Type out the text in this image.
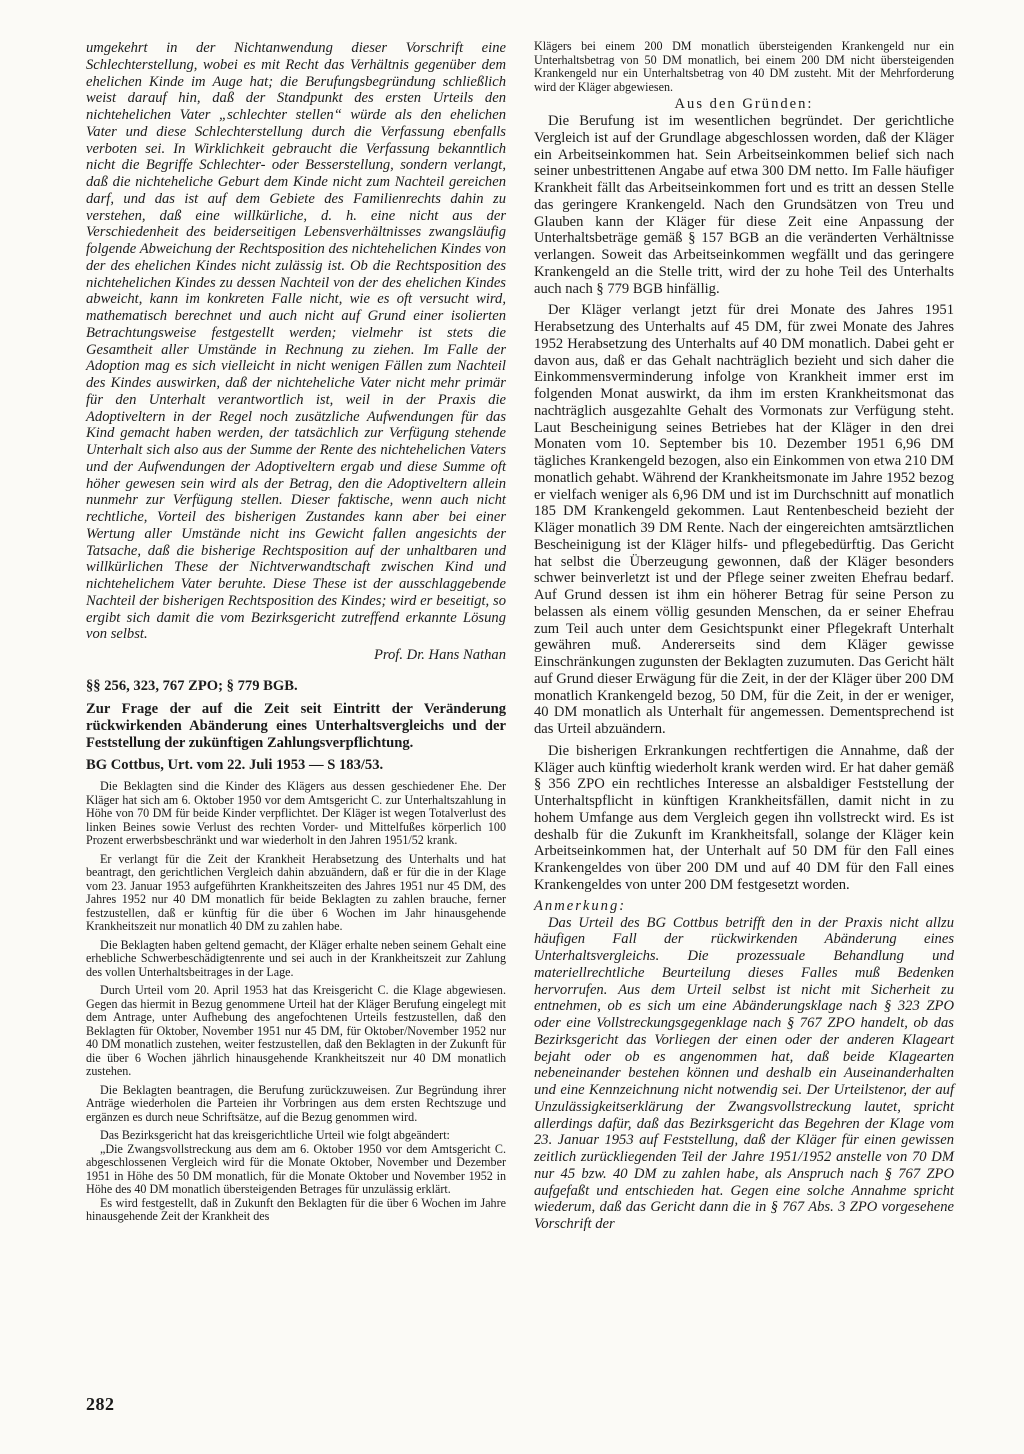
umgekehrt in der Nichtanwendung dieser Vorschrift eine Schlechterstellung, wobei es mit Recht das Verhältnis gegenüber dem ehelichen Kinde im Auge hat; die Berufungsbegründung schließlich weist darauf hin, daß der Standpunkt des ersten Urteils den nichtehelichen Vater „schlechter stellen“ würde als den ehelichen Vater und diese Schlechterstellung durch die Verfassung ebenfalls verboten sei. In Wirklichkeit gebraucht die Verfassung bekanntlich nicht die Begriffe Schlechter- oder Besserstellung, sondern verlangt, daß die nichteheliche Geburt dem Kinde nicht zum Nachteil gereichen darf, und das ist auf dem Gebiete des Familienrechts dahin zu verstehen, daß eine willkürliche, d. h. eine nicht aus der Verschiedenheit des beiderseitigen Lebensverhältnisses zwangsläufig folgende Abweichung der Rechtsposition des nichtehelichen Kindes von der des ehelichen Kindes nicht zulässig ist. Ob die Rechtsposition des nichtehelichen Kindes zu dessen Nachteil von der des ehelichen Kindes abweicht, kann im konkreten Falle nicht, wie es oft versucht wird, mathematisch berechnet und auch nicht auf Grund einer isolierten Betrachtungsweise festgestellt werden; vielmehr ist stets die Gesamtheit aller Umstände in Rechnung zu ziehen. Im Falle der Adoption mag es sich vielleicht in nicht wenigen Fällen zum Nachteil des Kindes auswirken, daß der nichteheliche Vater nicht mehr primär für den Unterhalt verantwortlich ist, weil in der Praxis die Adoptiveltern in der Regel noch zusätzliche Aufwendungen für das Kind gemacht haben werden, der tatsächlich zur Verfügung stehende Unterhalt sich also aus der Summe der Rente des nichtehelichen Vaters und der Aufwendungen der Adoptiveltern ergab und diese Summe oft höher gewesen sein wird als der Betrag, den die Adoptiveltern allein nunmehr zur Verfügung stellen. Dieser faktische, wenn auch nicht rechtliche, Vorteil des bisherigen Zustandes kann aber bei einer Wertung aller Umstände nicht ins Gewicht fallen angesichts der Tatsache, daß die bisherige Rechtsposition auf der unhaltbaren und willkürlichen These der Nichtverwandtschaft zwischen Kind und nichtehelichem Vater beruhte. Diese These ist der ausschlaggebende Nachteil der bisherigen Rechtsposition des Kindes; wird er beseitigt, so ergibt sich damit die vom Bezirksgericht zutreffend erkannte Lösung von selbst.

Prof. Dr. Hans Nathan

§§ 256, 323, 767 ZPO; § 779 BGB.

Zur Frage der auf die Zeit seit Eintritt der Veränderung rückwirkenden Abänderung eines Unterhaltsvergleichs und der Feststellung der zukünftigen Zahlungsverpflichtung.

BG Cottbus, Urt. vom 22. Juli 1953 — S 183/53.

Die Beklagten sind die Kinder des Klägers aus dessen geschiedener Ehe. Der Kläger hat sich am 6. Oktober 1950 vor dem Amtsgericht C. zur Unterhaltszahlung in Höhe von 70 DM für beide Kinder verpflichtet. Der Kläger ist wegen Totalverlust des linken Beines sowie Verlust des rechten Vorder- und Mittelfußes körperlich 100 Prozent erwerbsbeschränkt und war wiederholt in den Jahren 1951/52 krank.

Er verlangt für die Zeit der Krankheit Herabsetzung des Unterhalts und hat beantragt, den gerichtlichen Vergleich dahin abzuändern, daß er für die in der Klage vom 23. Januar 1953 aufgeführten Krankheitszeiten des Jahres 1951 nur 45 DM, des Jahres 1952 nur 40 DM monatlich für beide Beklagten zu zahlen brauche, ferner festzustellen, daß er künftig für die über 6 Wochen im Jahr hinausgehende Krankheitszeit nur monatlich 40 DM zu zahlen habe.

Die Beklagten haben geltend gemacht, der Kläger erhalte neben seinem Gehalt eine erhebliche Schwerbeschädigtenrente und sei auch in der Krankheitszeit zur Zahlung des vollen Unterhaltsbeitrages in der Lage.

Durch Urteil vom 20. April 1953 hat das Kreisgericht C. die Klage abgewiesen. Gegen das hiermit in Bezug genommene Urteil hat der Kläger Berufung eingelegt mit dem Antrage, unter Aufhebung des angefochtenen Urteils festzustellen, daß den Beklagten für Oktober, November 1951 nur 45 DM, für Oktober/November 1952 nur 40 DM monatlich zustehen, weiter festzustellen, daß den Beklagten in der Zukunft für die über 6 Wochen jährlich hinausgehende Krankheitszeit nur 40 DM monatlich zustehen.

Die Beklagten beantragen, die Berufung zurückzuweisen. Zur Begründung ihrer Anträge wiederholen die Parteien ihr Vorbringen aus dem ersten Rechtszuge und ergänzen es durch neue Schriftsätze, auf die Bezug genommen wird.

Das Bezirksgericht hat das kreisgerichtliche Urteil wie folgt abgeändert:

„Die Zwangsvollstreckung aus dem am 6. Oktober 1950 vor dem Amtsgericht C. abgeschlossenen Vergleich wird für die Monate Oktober, November und Dezember 1951 in Höhe des 50 DM monatlich, für die Monate Oktober und November 1952 in Höhe des 40 DM monatlich übersteigenden Betrages für unzulässig erklärt.

Es wird festgestellt, daß in Zukunft den Beklagten für die über 6 Wochen im Jahre hinausgehende Zeit der Krankheit des

Klägers bei einem 200 DM monatlich übersteigenden Krankengeld nur ein Unterhaltsbetrag von 50 DM monatlich, bei einem 200 DM nicht übersteigenden Krankengeld nur ein Unterhaltsbetrag von 40 DM zusteht. Mit der Mehrforderung wird der Kläger abgewiesen.

Aus den Gründen:

Die Berufung ist im wesentlichen begründet. Der gerichtliche Vergleich ist auf der Grundlage abgeschlossen worden, daß der Kläger ein Arbeitseinkommen hat. Sein Arbeitseinkommen belief sich nach seiner unbestrittenen Angabe auf etwa 300 DM netto. Im Falle häufiger Krankheit fällt das Arbeitseinkommen fort und es tritt an dessen Stelle das geringere Krankengeld. Nach den Grundsätzen von Treu und Glauben kann der Kläger für diese Zeit eine Anpassung der Unterhaltsbeträge gemäß § 157 BGB an die veränderten Verhältnisse verlangen. Soweit das Arbeitseinkommen wegfällt und das geringere Krankengeld an die Stelle tritt, wird der zu hohe Teil des Unterhalts auch nach § 779 BGB hinfällig.

Der Kläger verlangt jetzt für drei Monate des Jahres 1951 Herabsetzung des Unterhalts auf 45 DM, für zwei Monate des Jahres 1952 Herabsetzung des Unterhalts auf 40 DM monatlich. Dabei geht er davon aus, daß er das Gehalt nachträglich bezieht und sich daher die Einkommensverminderung infolge von Krankheit immer erst im folgenden Monat auswirkt, da ihm im ersten Krankheitsmonat das nachträglich ausgezahlte Gehalt des Vormonats zur Verfügung steht. Laut Bescheinigung seines Betriebes hat der Kläger in den drei Monaten vom 10. September bis 10. Dezember 1951 6,96 DM tägliches Krankengeld bezogen, also ein Einkommen von etwa 210 DM monatlich gehabt. Während der Krankheitsmonate im Jahre 1952 bezog er vielfach weniger als 6,96 DM und ist im Durchschnitt auf monatlich 185 DM Krankengeld gekommen. Laut Rentenbescheid bezieht der Kläger monatlich 39 DM Rente. Nach der eingereichten amtsärztlichen Bescheinigung ist der Kläger hilfs- und pflegebedürftig. Das Gericht hat selbst die Überzeugung gewonnen, daß der Kläger besonders schwer beinverletzt ist und der Pflege seiner zweiten Ehefrau bedarf. Auf Grund dessen ist ihm ein höherer Betrag für seine Person zu belassen als einem völlig gesunden Menschen, da er seiner Ehefrau zum Teil auch unter dem Gesichtspunkt einer Pflegekraft Unterhalt gewähren muß. Andererseits sind dem Kläger gewisse Einschränkungen zugunsten der Beklagten zuzumuten. Das Gericht hält auf Grund dieser Erwägung für die Zeit, in der der Kläger über 200 DM monatlich Krankengeld bezog, 50 DM, für die Zeit, in der er weniger, 40 DM monatlich als Unterhalt für angemessen. Dementsprechend ist das Urteil abzuändern.

Die bisherigen Erkrankungen rechtfertigen die Annahme, daß der Kläger auch künftig wiederholt krank werden wird. Er hat daher gemäß § 356 ZPO ein rechtliches Interesse an alsbaldiger Feststellung der Unterhaltspflicht in künftigen Krankheitsfällen, damit nicht in zu hohem Umfange aus dem Vergleich gegen ihn vollstreckt wird. Es ist deshalb für die Zukunft im Krankheitsfall, solange der Kläger kein Arbeitseinkommen hat, der Unterhalt auf 50 DM für den Fall eines Krankengeldes von über 200 DM und auf 40 DM für den Fall eines Krankengeldes von unter 200 DM festgesetzt worden.

Anmerkung:

Das Urteil des BG Cottbus betrifft den in der Praxis nicht allzu häufigen Fall der rückwirkenden Abänderung eines Unterhaltsvergleichs. Die prozessuale Behandlung und materiellrechtliche Beurteilung dieses Falles muß Bedenken hervorrufen. Aus dem Urteil selbst ist nicht mit Sicherheit zu entnehmen, ob es sich um eine Abänderungsklage nach § 323 ZPO oder eine Vollstreckungsgegenklage nach § 767 ZPO handelt, ob das Bezirksgericht das Vorliegen der einen oder der anderen Klageart bejaht oder ob es angenommen hat, daß beide Klagearten nebeneinander bestehen können und deshalb ein Auseinanderhalten und eine Kennzeichnung nicht notwendig sei. Der Urteilstenor, der auf Unzulässigkeitserklärung der Zwangsvollstreckung lautet, spricht allerdings dafür, daß das Bezirksgericht das Begehren der Klage vom 23. Januar 1953 auf Feststellung, daß der Kläger für einen gewissen zeitlich zurückliegenden Teil der Jahre 1951/1952 anstelle von 70 DM nur 45 bzw. 40 DM zu zahlen habe, als Anspruch nach § 767 ZPO aufgefaßt und entschieden hat. Gegen eine solche Annahme spricht wiederum, daß das Gericht dann die in § 767 Abs. 3 ZPO vorgesehene Vorschrift der

282
